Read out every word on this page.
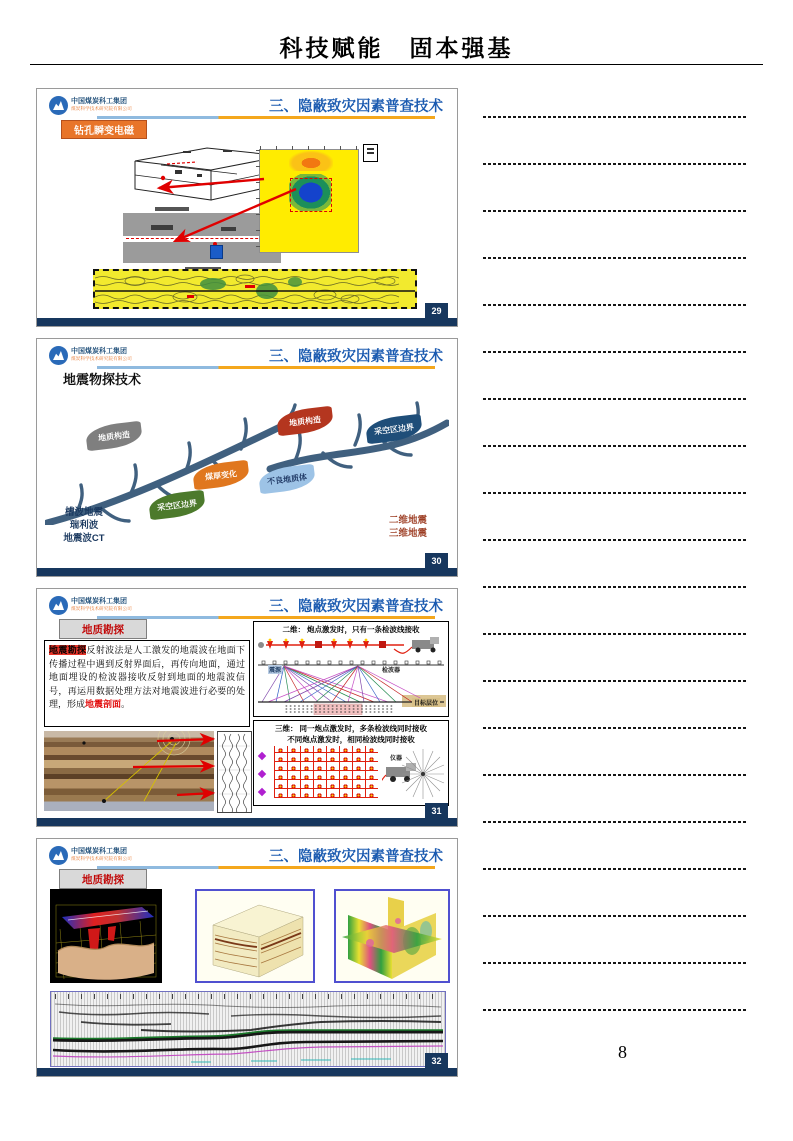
科技赋能　固本强基
中国煤炭科工集团
煤炭科学技术研究院有限公司	三、隐蔽致灾因素普查技术
钻孔瞬变电磁
29
中国煤炭科工集团
煤炭科学技术研究院有限公司	三、隐蔽致灾因素普查技术
地震物探技术
地质构造
采空区边界
煤厚变化	不良地质体
地质构造
采空区边界
槽波地震
瑞利波
地震波CT
二维地震
三维地震
30
中国煤炭科工集团
煤炭科学技术研究院有限公司	三、隐蔽致灾因素普查技术
地质勘探
地震勘探反射波法是人工激发的地震波在地面下传播过程中遇到反射界面后，再传向地面，通过地面埋设的检波器接收反射到地面的地震波信号，再运用数据处理方法对地震波进行必要的处理，形成地震剖面。
二维： 炮点激发时，只有一条检波线接收
震源	检波器
目标层位
三维： 同一炮点激发时，多条检波线同时接收
不同炮点激发时，相同检波线同时接收
仪器
31
中国煤炭科工集团
煤炭科学技术研究院有限公司	三、隐蔽致灾因素普查技术
地质勘探
32	8
